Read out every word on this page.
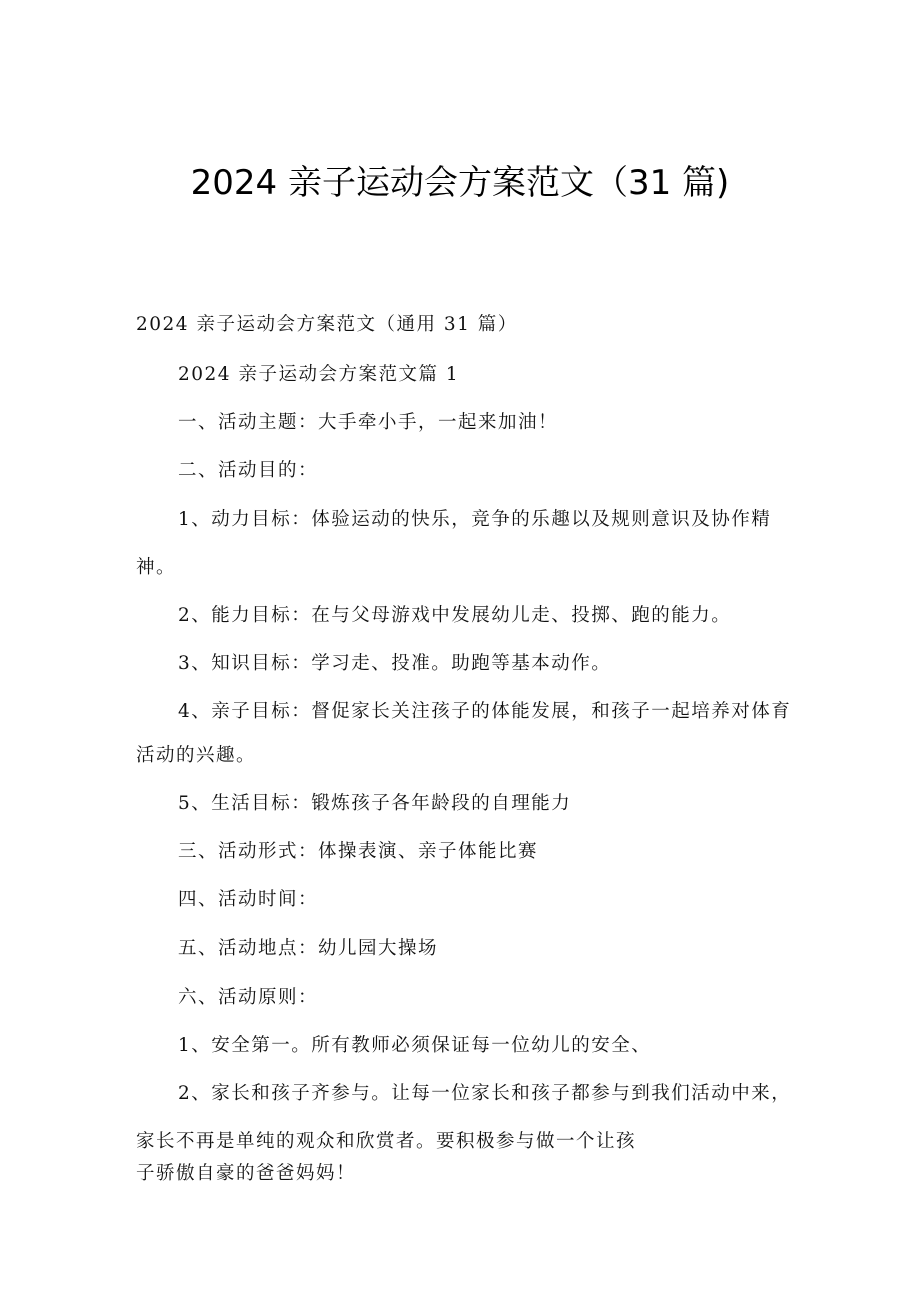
2024 亲子运动会方案范文（31 篇)
2024 亲子运动会方案范文（通用 31 篇）
2024 亲子运动会方案范文篇 1
一、活动主题：大手牵小手，一起来加油！
二、活动目的：
1、动力目标：体验运动的快乐，竞争的乐趣以及规则意识及协作精
神。
2、能力目标：在与父母游戏中发展幼儿走、投掷、跑的能力。
3、知识目标：学习走、投准。助跑等基本动作。
4、亲子目标：督促家长关注孩子的体能发展，和孩子一起培养对体育
活动的兴趣。
5、生活目标：锻炼孩子各年龄段的自理能力
三、活动形式：体操表演、亲子体能比赛
四、活动时间：
五、活动地点：幼儿园大操场
六、活动原则：
1、安全第一。所有教师必须保证每一位幼儿的安全、
2、家长和孩子齐参与。让每一位家长和孩子都参与到我们活动中来，
家长不再是单纯的观众和欣赏者。要积极参与做一个让孩
子骄傲自豪的爸爸妈妈！
